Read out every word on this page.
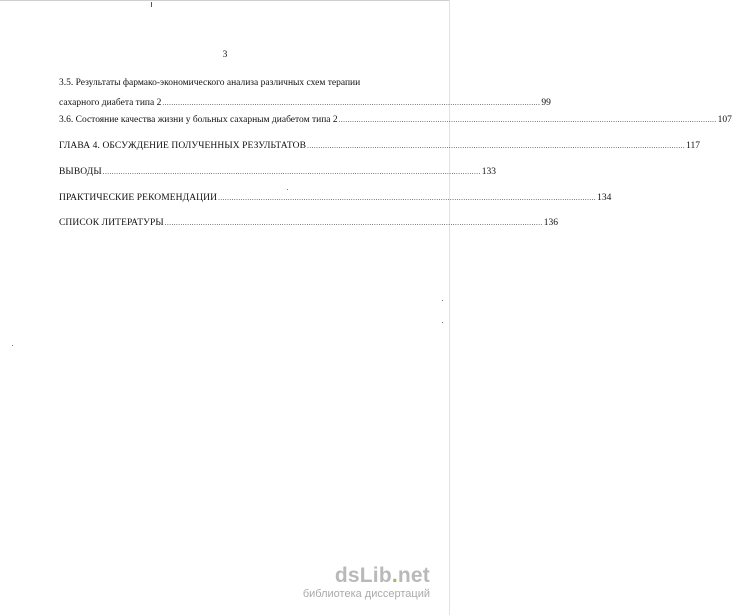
3
3.5. Результаты фармако-экономического анализа различных схем терапии
сахарного диабета типа 2 ........................................................................................................................................................................ 99
3.6. Состояние качества жизни у больных сахарным диабетом типа 2 ........................................................................................................................................................................ 107
ГЛАВА 4. ОБСУЖДЕНИЕ ПОЛУЧЕННЫХ РЕЗУЛЬТАТОВ ........................................................................................................................................................................ 117
ВЫВОДЫ ........................................................................................................................................................................ 133
ПРАКТИЧЕСКИЕ РЕКОМЕНДАЦИИ ........................................................................................................................................................................ 134
СПИСОК ЛИТЕРАТУРЫ ........................................................................................................................................................................ 136
dsLib.net
библиотека диссертаций
